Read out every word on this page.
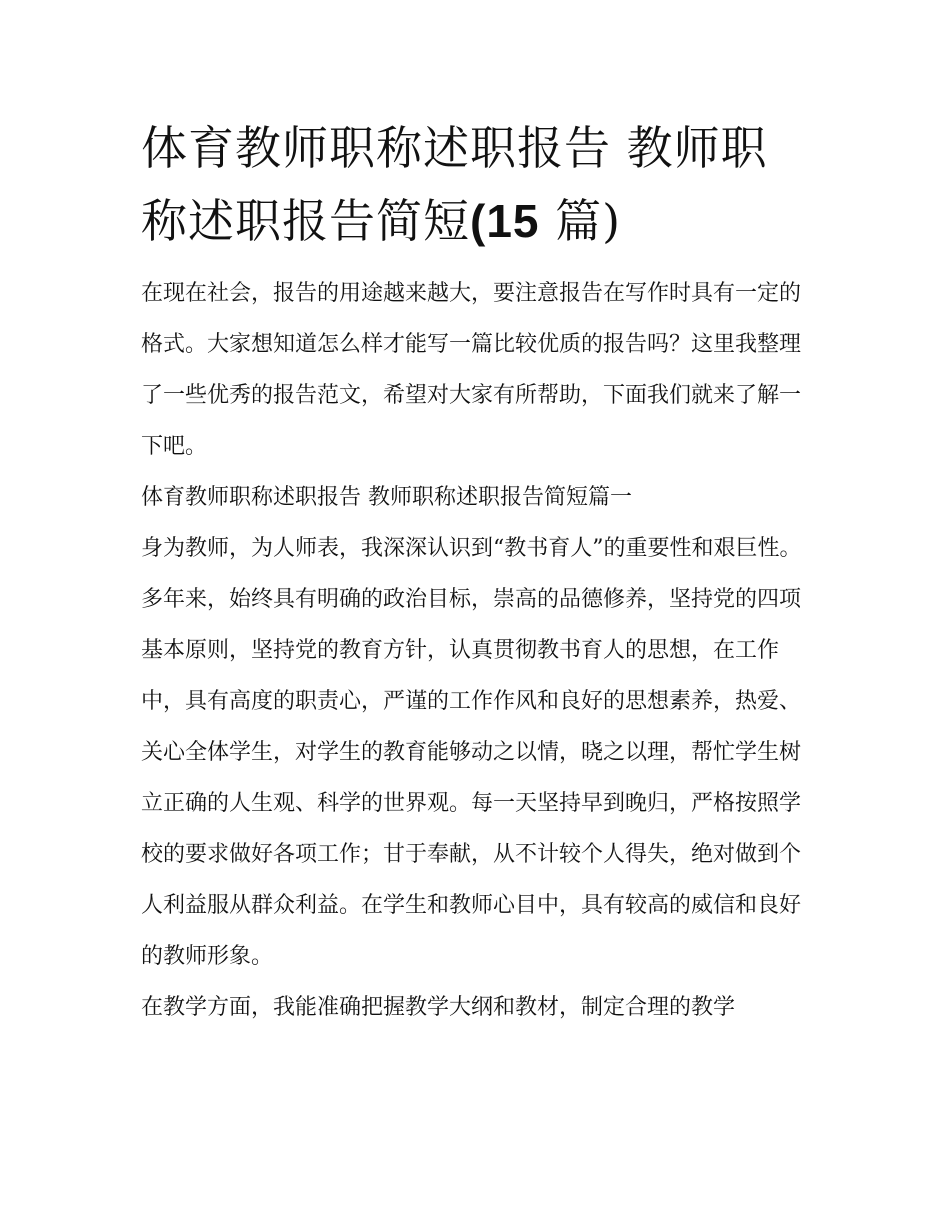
体育教师职称述职报告 教师职称述职报告简短(15 篇)

在现在社会，报告的用途越来越大，要注意报告在写作时具有一定的格式。大家想知道怎么样才能写一篇比较优质的报告吗？这里我整理了一些优秀的报告范文，希望对大家有所帮助，下面我们就来了解一下吧。

体育教师职称述职报告 教师职称述职报告简短篇一

身为教师，为人师表，我深深认识到“教书育人”的重要性和艰巨性。多年来，始终具有明确的政治目标，崇高的品德修养，坚持党的四项基本原则，坚持党的教育方针，认真贯彻教书育人的思想，在工作中，具有高度的职责心，严谨的工作作风和良好的思想素养，热爱、关心全体学生，对学生的教育能够动之以情，晓之以理，帮忙学生树立正确的人生观、科学的世界观。每一天坚持早到晚归，严格按照学校的要求做好各项工作；甘于奉献，从不计较个人得失，绝对做到个人利益服从群众利益。在学生和教师心目中，具有较高的威信和良好的教师形象。

在教学方面，我能准确把握教学大纲和教材，制定合理的教学
